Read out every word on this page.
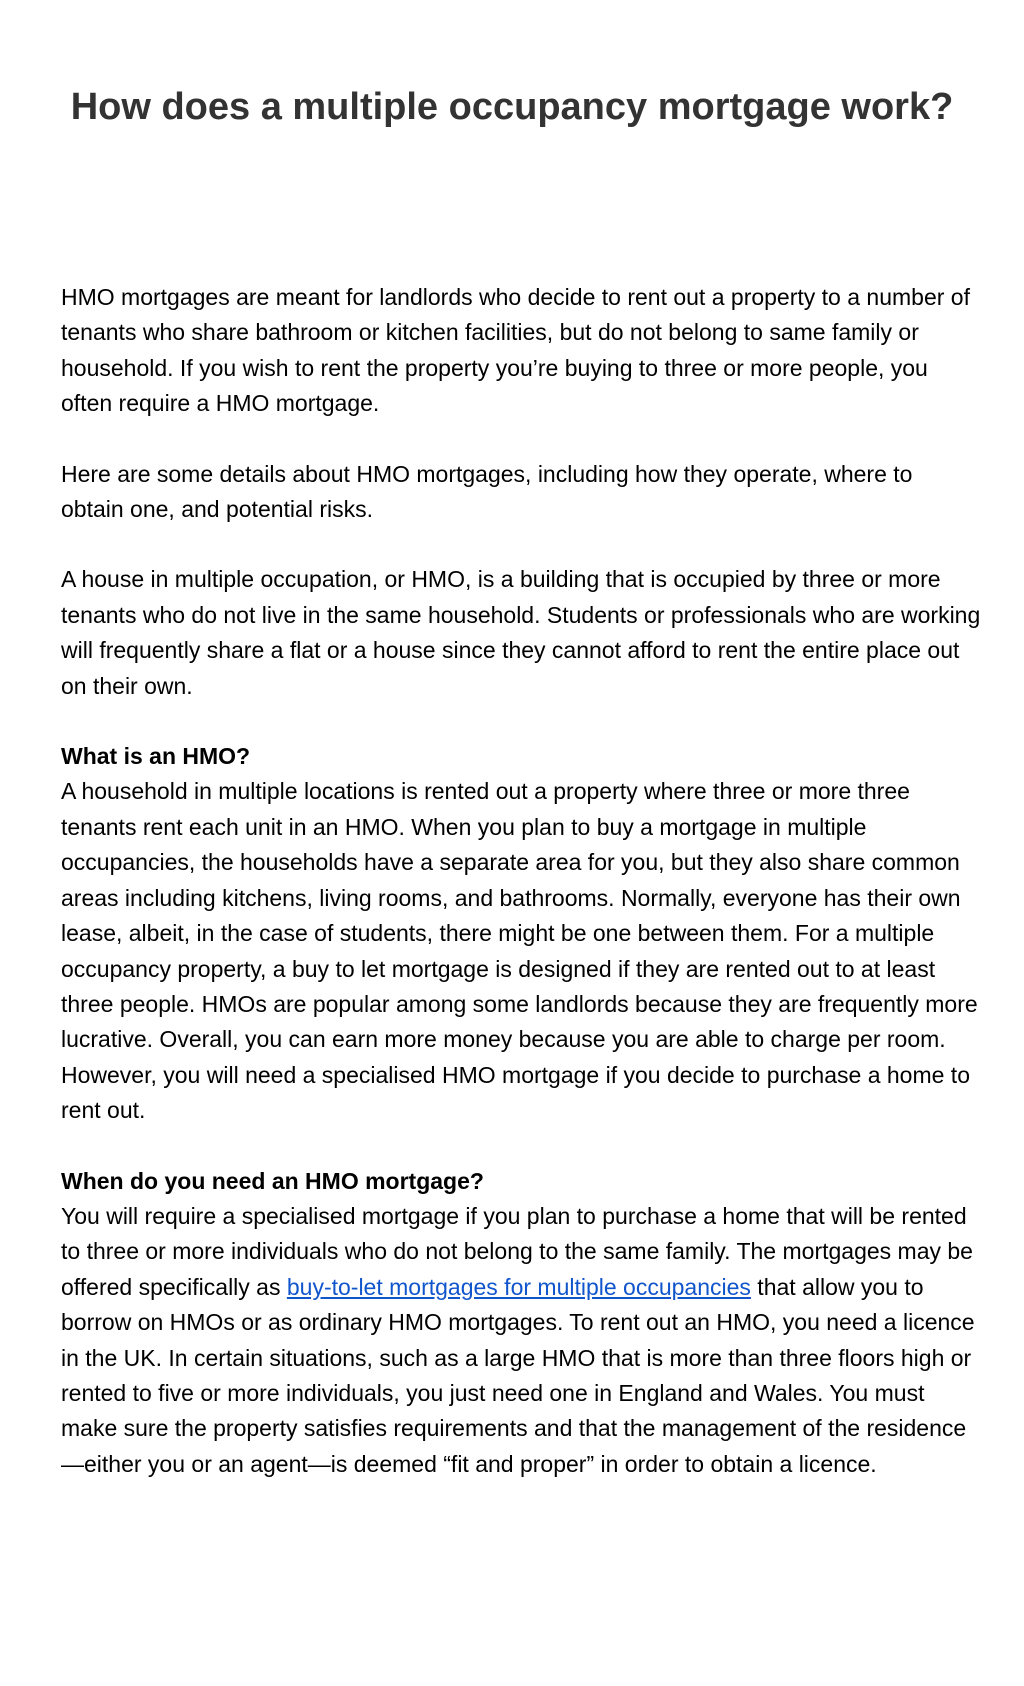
How does a multiple occupancy mortgage work?

HMO mortgages are meant for landlords who decide to rent out a property to a number of tenants who share bathroom or kitchen facilities, but do not belong to same family or household. If you wish to rent the property you’re buying to three or more people, you often require a HMO mortgage.

Here are some details about HMO mortgages, including how they operate, where to obtain one, and potential risks.

A house in multiple occupation, or HMO, is a building that is occupied by three or more tenants who do not live in the same household. Students or professionals who are working will frequently share a flat or a house since they cannot afford to rent the entire place out on their own.

What is an HMO?

A household in multiple locations is rented out a property where three or more three tenants rent each unit in an HMO. When you plan to buy a mortgage in multiple occupancies, the households have a separate area for you, but they also share common areas including kitchens, living rooms, and bathrooms. Normally, everyone has their own lease, albeit, in the case of students, there might be one between them. For a multiple occupancy property, a buy to let mortgage is designed if they are rented out to at least three people. HMOs are popular among some landlords because they are frequently more lucrative. Overall, you can earn more money because you are able to charge per room. However, you will need a specialised HMO mortgage if you decide to purchase a home to rent out.

When do you need an HMO mortgage?

You will require a specialised mortgage if you plan to purchase a home that will be rented to three or more individuals who do not belong to the same family. The mortgages may be offered specifically as buy-to-let mortgages for multiple occupancies that allow you to borrow on HMOs or as ordinary HMO mortgages. To rent out an HMO, you need a licence in the UK. In certain situations, such as a large HMO that is more than three floors high or rented to five or more individuals, you just need one in England and Wales. You must make sure the property satisfies requirements and that the management of the residence—either you or an agent—is deemed “fit and proper” in order to obtain a licence.
